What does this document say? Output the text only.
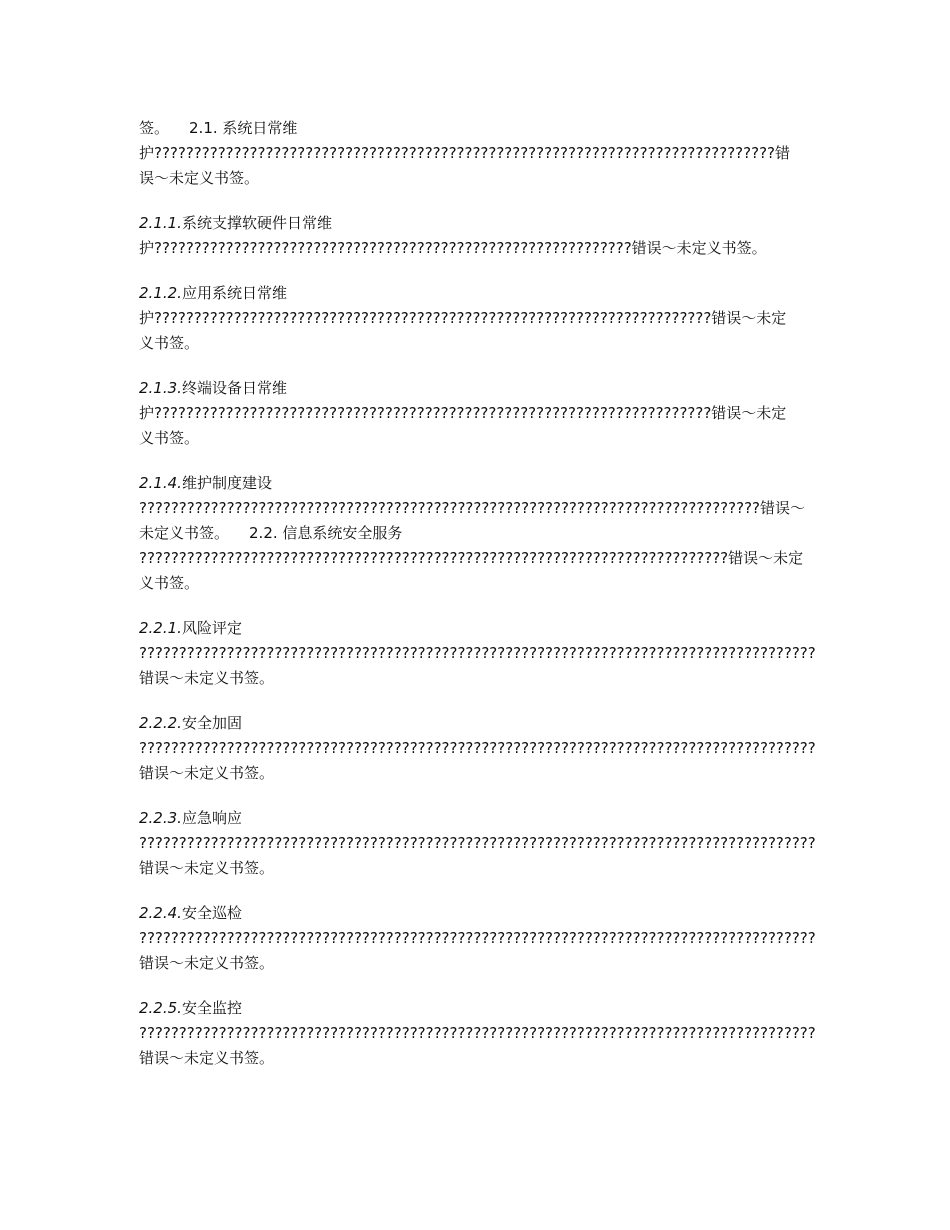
签。 2.1. 系统日常维
护??????????????????????????????????????????????????????????????????????????????错
误～未定义书签。
2.1.1.系统支撑软硬件日常维
护????????????????????????????????????????????????????????????错误～未定义书签。
2.1.2.应用系统日常维
护??????????????????????????????????????????????????????????????????????错误～未定
义书签。
2.1.3.终端设备日常维
护??????????????????????????????????????????????????????????????????????错误～未定
义书签。
2.1.4.维护制度建设
??????????????????????????????????????????????????????????????????????????????错误～
未定义书签。 2.2. 信息系统安全服务
??????????????????????????????????????????????????????????????????????????错误～未定
义书签。
2.2.1.风险评定
?????????????????????????????????????????????????????????????????????????????????????
错误～未定义书签。
2.2.2.安全加固
?????????????????????????????????????????????????????????????????????????????????????
错误～未定义书签。
2.2.3.应急响应
?????????????????????????????????????????????????????????????????????????????????????
错误～未定义书签。
2.2.4.安全巡检
?????????????????????????????????????????????????????????????????????????????????????
错误～未定义书签。
2.2.5.安全监控
?????????????????????????????????????????????????????????????????????????????????????
错误～未定义书签。
